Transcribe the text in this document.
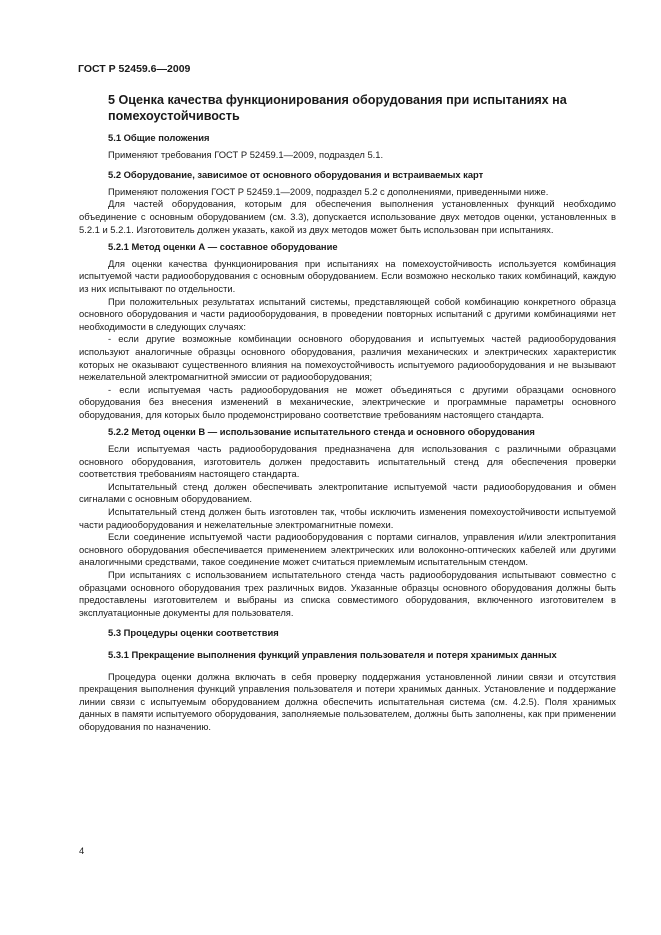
ГОСТ Р 52459.6—2009
5 Оценка качества функционирования оборудования при испытаниях на помехоустойчивость
5.1 Общие положения
Применяют требования ГОСТ Р 52459.1—2009, подраздел 5.1.
5.2 Оборудование, зависимое от основного оборудования и встраиваемых карт
Применяют положения ГОСТ Р 52459.1—2009, подраздел 5.2 с дополнениями, приведенными ниже.
Для частей оборудования, которым для обеспечения выполнения установленных функций необходимо объединение с основным оборудованием (см. 3.3), допускается использование двух методов оценки, установленных в 5.2.1 и 5.2.1. Изготовитель должен указать, какой из двух методов может быть использован при испытаниях.
5.2.1 Метод оценки А — составное оборудование
Для оценки качества функционирования при испытаниях на помехоустойчивость используется комбинация испытуемой части радиооборудования с основным оборудованием. Если возможно несколько таких комбинаций, каждую из них испытывают по отдельности.
При положительных результатах испытаний системы, представляющей собой комбинацию конкретного образца основного оборудования и части радиооборудования, в проведении повторных испытаний с другими комбинациями нет необходимости в следующих случаях:
- если другие возможные комбинации основного оборудования и испытуемых частей радиооборудования используют аналогичные образцы основного оборудования, различия механических и электрических характеристик которых не оказывают существенного влияния на помехоустойчивость испытуемого радиооборудования и не вызывают нежелательной электромагнитной эмиссии от радиооборудования;
- если испытуемая часть радиооборудования не может объединяться с другими образцами основного оборудования без внесения изменений в механические, электрические и программные параметры основного оборудования, для которых было продемонстрировано соответствие требованиям настоящего стандарта.
5.2.2 Метод оценки В — использование испытательного стенда и основного оборудования
Если испытуемая часть радиооборудования предназначена для использования с различными образцами основного оборудования, изготовитель должен предоставить испытательный стенд для обеспечения проверки соответствия требованиям настоящего стандарта.
Испытательный стенд должен обеспечивать электропитание испытуемой части радиооборудования и обмен сигналами с основным оборудованием.
Испытательный стенд должен быть изготовлен так, чтобы исключить изменения помехоустойчивости испытуемой части радиооборудования и нежелательные электромагнитные помехи.
Если соединение испытуемой части радиооборудования с портами сигналов, управления и/или электропитания основного оборудования обеспечивается применением электрических или волоконно-оптических кабелей или другими аналогичными средствами, такое соединение может считаться приемлемым испытательным стендом.
При испытаниях с использованием испытательного стенда часть радиооборудования испытывают совместно с образцами основного оборудования трех различных видов. Указанные образцы основного оборудования должны быть предоставлены изготовителем и выбраны из списка совместимого оборудования, включенного изготовителем в эксплуатационные документы для пользователя.
5.3 Процедуры оценки соответствия
5.3.1 Прекращение выполнения функций управления пользователя и потеря хранимых данных
Процедура оценки должна включать в себя проверку поддержания установленной линии связи и отсутствия прекращения выполнения функций управления пользователя и потери хранимых данных. Установление и поддержание линии связи с испытуемым оборудованием должна обеспечить испытательная система (см. 4.2.5). Поля хранимых данных в памяти испытуемого оборудования, заполняемые пользователем, должны быть заполнены, как при применении оборудования по назначению.
4
